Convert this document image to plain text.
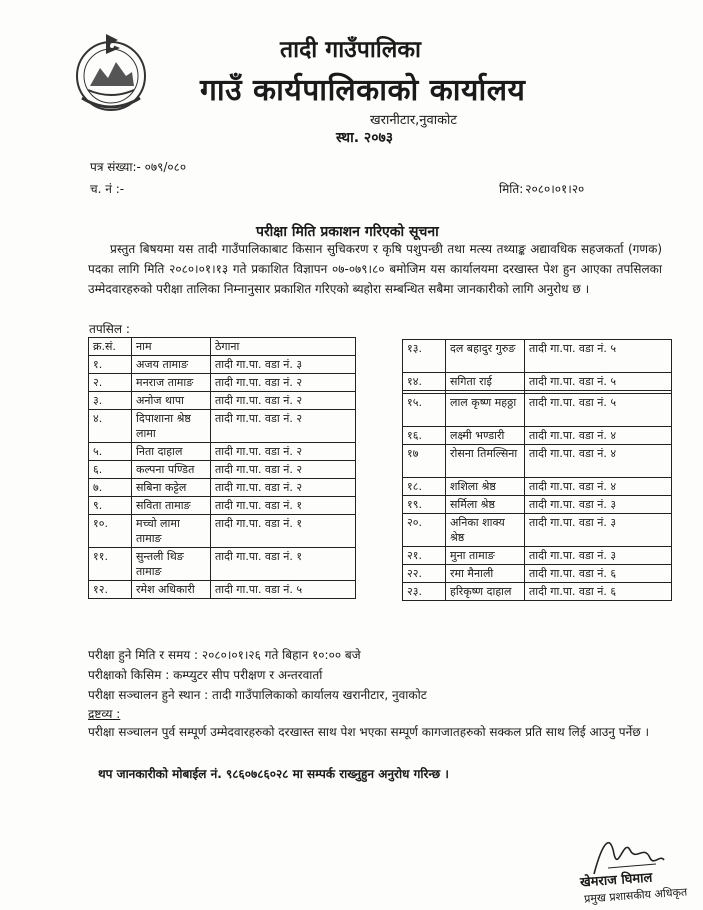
तादी गाउँपालिका
गाउँ कार्यपालिकाको कार्यालय
खरानीटार,नुवाकोट
स्था. २०७३
पत्र संख्या:- ०७९/०८०
च. नं :-	मिति: २०८०।०१।२०
परीक्षा मिति प्रकाशन गरिएको सूचना
प्रस्तुत बिषयमा यस तादी गाउँपालिकाबाट किसान सुचिकरण र कृषि पशुपन्छी तथा मत्स्य तथ्याङ्क अद्यावधिक सहजकर्ता (गणक) पदका लागि मिति २०८०।०१।१३ गते प्रकाशित विज्ञापन ०७-०७९।८० बमोजिम यस कार्यालयमा दरखास्त पेश हुन आएका तपसिलका उम्मेदवारहरुको परीक्षा तालिका निम्नानुसार प्रकाशित गरिएको ब्यहोरा सम्बन्धित सबैमा जानकारीको लागि अनुरोध छ ।
तपसिल :
क्र.सं.	नाम	ठेगाना
१.	अजय तामाङ	तादी गा.पा. वडा नं. ३
२.	मनराज तामाङ	तादी गा.पा. वडा नं. २
३.	अनोज थापा	तादी गा.पा. वडा नं. २
४.	दिपाशाना श्रेष्ठ लामा	तादी गा.पा. वडा नं. २
५.	निता दाहाल	तादी गा.पा. वडा नं. २
६.	कल्पना पण्डित	तादी गा.पा. वडा नं. २
७.	सबिना कट्टेल	तादी गा.पा. वडा नं. २
९.	सविता तामाङ	तादी गा.पा. वडा नं. १
१०.	मच्चो लामा तामाङ	तादी गा.पा. वडा नं. १
११.	सुन्तली थिङ तामाङ	तादी गा.पा. वडा नं. १
१२.	रमेश अधिकारी	तादी गा.पा. वडा नं. ५
१३.	दल बहादुर गुरुङ	तादी गा.पा. वडा नं. ५
१४.	सगिता राई	तादी गा.पा. वडा नं. ५

१५.	लाल कृष्ण महठ्ठा	तादी गा.पा. वडा नं. ५
१६.	लक्ष्मी भण्डारी	तादी गा.पा. वडा नं. ४
१७	रोसना तिमल्सिना	तादी गा.पा. वडा नं. ४
१८.	शशिला श्रेष्ठ	तादी गा.पा. वडा नं. ४
१९.	सर्मिला श्रेष्ठ	तादी गा.पा. वडा नं. ३
२०.	अनिका शाक्य श्रेष्ठ	तादी गा.पा. वडा नं. ३
२१.	मुना तामाङ	तादी गा.पा. वडा नं. ३
२२.	रमा मैनाली	तादी गा.पा. वडा नं. ६
२३.	हरिकृष्ण दाहाल	तादी गा.पा. वडा नं. ६
परीक्षा हुने मिति र समय : २०८०।०१।२६ गते बिहान १०:०० बजे
परीक्षाको किसिम : कम्प्युटर सीप परीक्षण र अन्तरवार्ता
परीक्षा सञ्चालन हुने स्थान : तादी गाउँपालिकाको कार्यालय खरानीटार, नुवाकोट
द्रष्टव्य :
परीक्षा सञ्चालन पुर्व सम्पूर्ण उम्मेदवारहरुको दरखास्त साथ पेश भएका सम्पूर्ण कागजातहरुको सक्कल प्रति साथ लिई आउनु पर्नेछ ।
थप जानकारीको मोबाईल नं. ९८६०७८६०२८ मा सम्पर्क राख्नुहुन अनुरोध गरिन्छ ।
खेमराज घिमाल
प्रमुख प्रशासकीय अधिकृत
